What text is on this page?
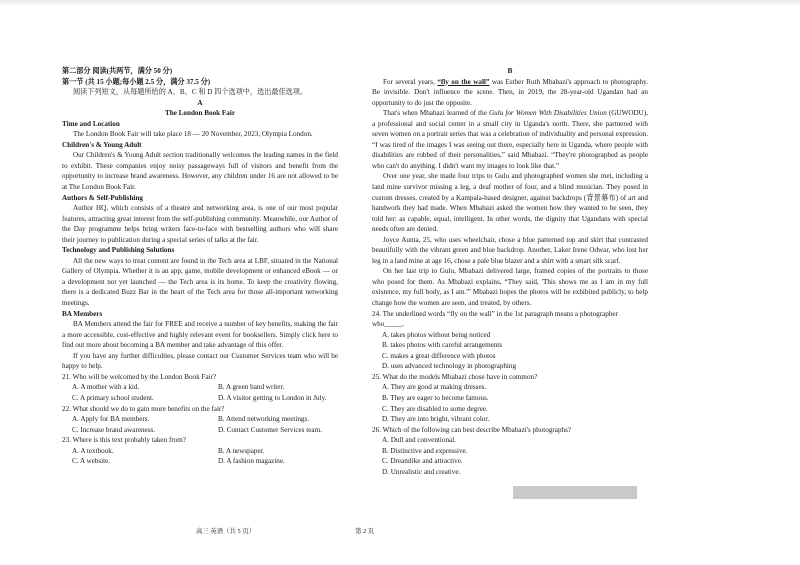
第二部分 阅读(共两节，满分 50 分)

第一节 (共 15 小题;每小题 2.5 分，满分 37.5 分)

阅读下列短文，从每题所给的 A、B、C 和 D 四个选项中，选出最佳选项。

A

The London Book Fair

Time and Location

The London Book Fair will take place 18 — 20 November, 2023, Olympia London.

Children's & Young Adult

Our Children's & Young Adult section traditionally welcomes the leading names in the field to exhibit. These companies enjoy noisy passageways full of visitors and benefit from the opportunity to increase brand awareness. However, any children under 16 are not allowed to be at The London Book Fair.

Authors & Self-Publishing

Author HQ, which consists of a theatre and networking area, is one of our most popular features, attracting great interest from the self-publishing community. Meanwhile, our Author of the Day programme helps bring writers face-to-face with bestselling authors who will share their journey to publication during a special series of talks at the fair.

Technology and Publishing Solutions

All the new ways to treat content are found in the Tech area at LBF, situated in the National Gallery of Olympia. Whether it is an app, game, mobile development or enhanced eBook — or a development not yet launched — the Tech area is its home. To keep the creativity flowing, there is a dedicated Buzz Bar in the heart of the Tech area for those all-important networking meetings.

BA Members

BA Members attend the fair for FREE and receive a number of key benefits, making the fair a more accessible, cost-effective and highly relevant event for booksellers. Simply click here to find out more about becoming a BA member and take advantage of this offer.

If you have any further difficulties, please contact our Customer Services team who will be happy to help.

21. Who will be welcomed by the London Book Fair?

A. A mother with a kid.	B. A green band writer.
C. A primary school student.	D. A visitor getting to London in July.

22. What should we do to gain more benefits on the fair?

A. Apply for BA members.	B. Attend networking meetings.
C. Increase brand awareness.	D. Contact Customer Services team.

23. Where is this text probably taken from?

A. A textbook.	B. A newspaper.
C. A website.	D. A fashion magazine.

B

For several years, “fly on the wall” was Esther Ruth Mbabazi's approach to photography. Be invisible. Don't influence the scene. Then, in 2019, the 28-year-old Ugandan had an opportunity to do just the opposite.

That's when Mbabazi learned of the Gulu for Women With Disabilities Union (GUWODU), a professional and social center in a small city in Uganda's north. There, she partnered with seven women on a portrait series that was a celebration of individuality and personal expression. “I was tired of the images I was seeing out there, especially here in Uganda, where people with disabilities are robbed of their personalities,” said Mbabazi. “They're photographed as people who can't do anything. I didn't want my images to look like that.”

Over one year, she made four trips to Gulu and photographed women she met, including a land mine survivor missing a leg, a deaf mother of four, and a blind musician. They posed in custom dresses, created by a Kampala-based designer, against backdrops (背景幕布) of art and handwork they had made. When Mbabazi asked the women how they wanted to be seen, they told her: as capable, equal, intelligent. In other words, the dignity that Ugandans with special needs often are denied.

Joyce Aunta, 25, who uses wheelchair, chose a blue patterned top and skirt that contrasted beautifully with the vibrant green and blue backdrop. Another, Laker Irene Odwar, who lost her leg in a land mine at age 16, chose a pale blue blazer and a shirt with a smart silk scarf.

On her last trip to Gulu, Mbabazi delivered large, framed copies of the portraits to those who posed for them. As Mbabazi explains, “They said, 'This shows me as I am in my full existence, my full body, as I am.'” Mbabazi hopes the photos will be exhibited publicly, to help change how the women are seen, and treated, by others.

24. The underlined words “fly on the wall” in the 1st paragraph means a photographer who_____.

A. takes photos without being noticed

B. takes photos with careful arrangements

C. makes a great difference with photos

D. uses advanced technology in photographing

25. What do the models Mbabazi chose have in common?

A. They are good at making dresses.

B. They are eager to become famous.

C. They are disabled to some degree.

D. They are into bright, vibrant color.

26. Which of the following can best describe Mbabazi's photographs?

A. Dull and conventional.

B. Distinctive and expressive.

C. Dreamlike and attractive.

D. Unrealistic and creative.

高三 英语（共 5 页）	第 2 页
